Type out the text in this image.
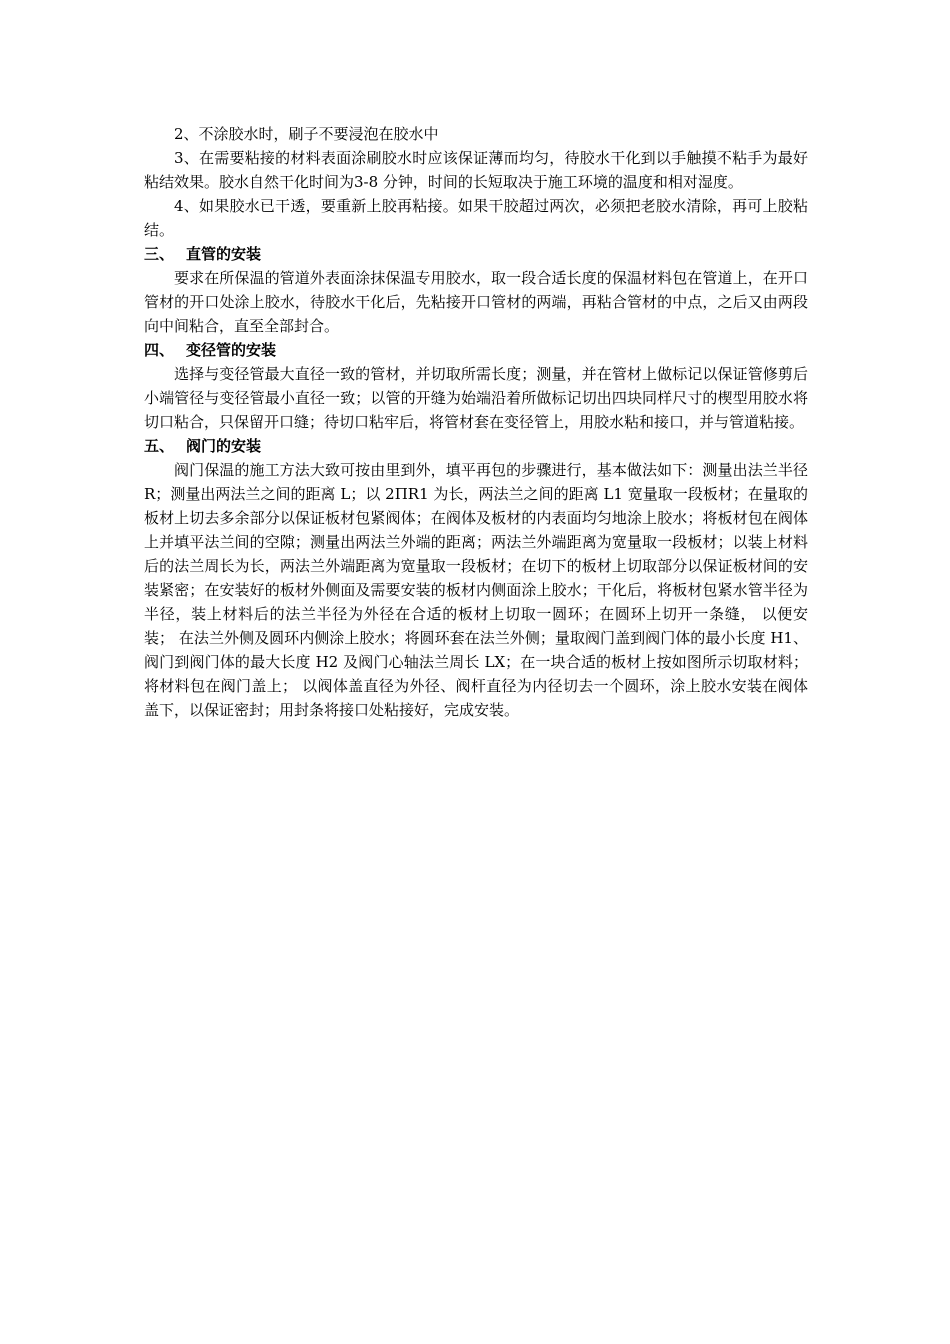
2、不涂胶水时，刷子不要浸泡在胶水中

3、在需要粘接的材料表面涂刷胶水时应该保证薄而均匀，待胶水干化到以手触摸不粘手为最好粘结效果。胶水自然干化时间为3-8 分钟，时间的长短取决于施工环境的温度和相对湿度。

4、如果胶水已干透，要重新上胶再粘接。如果干胶超过两次，必须把老胶水清除，再可上胶粘结。

三、 直管的安装

要求在所保温的管道外表面涂抹保温专用胶水，取一段合适长度的保温材料包在管道上，在开口管材的开口处涂上胶水，待胶水干化后，先粘接开口管材的两端，再粘合管材的中点，之后又由两段向中间粘合，直至全部封合。

四、 变径管的安装

选择与变径管最大直径一致的管材，并切取所需长度；测量，并在管材上做标记以保证管修剪后小端管径与变径管最小直径一致；以管的开缝为始端沿着所做标记切出四块同样尺寸的楔型用胶水将切口粘合，只保留开口缝；待切口粘牢后，将管材套在变径管上，用胶水粘和接口，并与管道粘接。

五、 阀门的安装

阀门保温的施工方法大致可按由里到外，填平再包的步骤进行，基本做法如下：测量出法兰半径 R；测量出两法兰之间的距离 L；以 2ΠR1 为长，两法兰之间的距离 L1 宽量取一段板材；在量取的板材上切去多余部分以保证板材包紧阀体；在阀体及板材的内表面均匀地涂上胶水；将板材包在阀体上并填平法兰间的空隙；测量出两法兰外端的距离；两法兰外端距离为宽量取一段板材；以装上材料后的法兰周长为长，两法兰外端距离为宽量取一段板材；在切下的板材上切取部分以保证板材间的安装紧密；在安装好的板材外侧面及需要安装的板材内侧面涂上胶水；干化后，将板材包紧水管半径为半径，装上材料后的法兰半径为外径在合适的板材上切取一圆环；在圆环上切开一条缝， 以便安装； 在法兰外侧及圆环内侧涂上胶水；将圆环套在法兰外侧；量取阀门盖到阀门体的最小长度 H1、阀门到阀门体的最大长度 H2 及阀门心轴法兰周长 LX；在一块合适的板材上按如图所示切取材料；将材料包在阀门盖上； 以阀体盖直径为外径、阀杆直径为内径切去一个圆环，涂上胶水安装在阀体盖下，以保证密封；用封条将接口处粘接好，完成安装。
